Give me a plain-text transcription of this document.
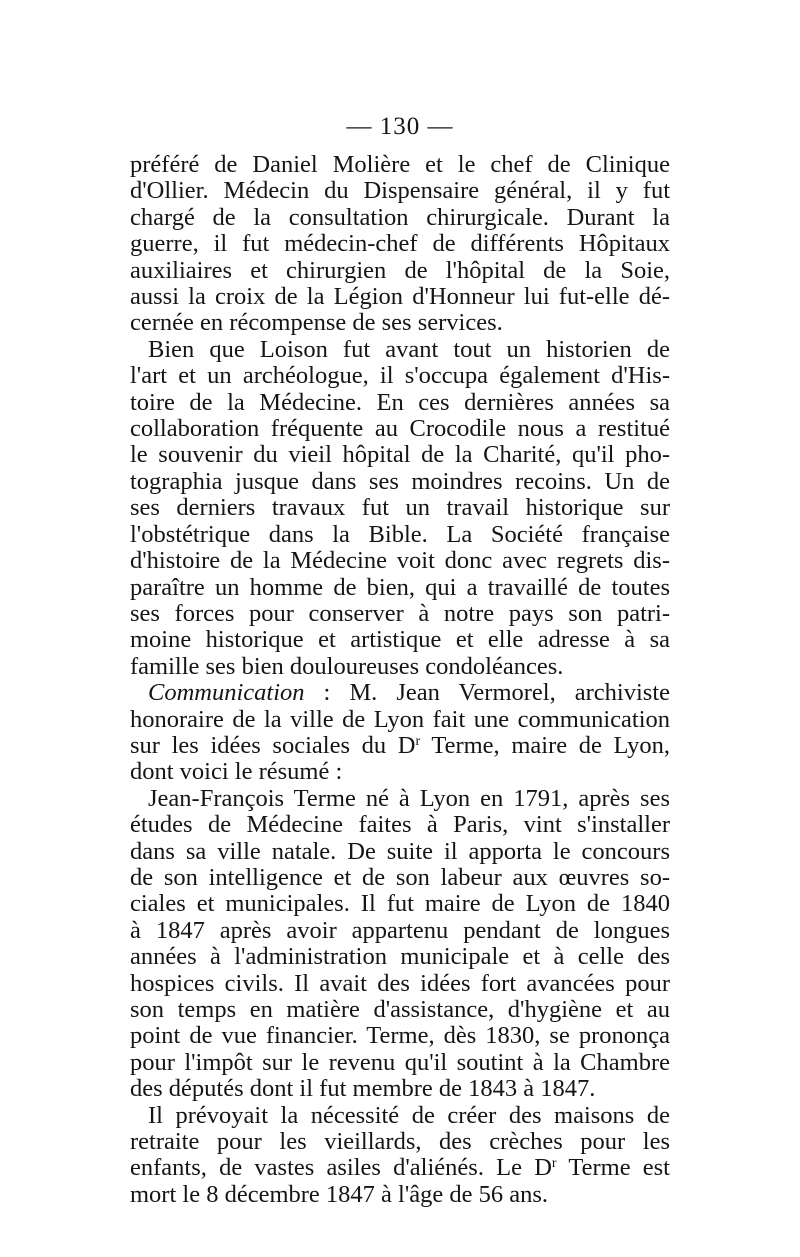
— 130 —
préféré de Daniel Molière et le chef de Clinique
d'Ollier. Médecin du Dispensaire général, il y fut
chargé de la consultation chirurgicale. Durant la
guerre, il fut médecin-chef de différents Hôpitaux
auxiliaires et chirurgien de l'hôpital de la Soie,
aussi la croix de la Légion d'Honneur lui fut-elle dé-
cernée en récompense de ses services.
Bien que Loison fut avant tout un historien de
l'art et un archéologue, il s'occupa également d'His-
toire de la Médecine. En ces dernières années sa
collaboration fréquente au Crocodile nous a restitué
le souvenir du vieil hôpital de la Charité, qu'il pho-
tographia jusque dans ses moindres recoins. Un de
ses derniers travaux fut un travail historique sur
l'obstétrique dans la Bible. La Société française
d'histoire de la Médecine voit donc avec regrets dis-
paraître un homme de bien, qui a travaillé de toutes
ses forces pour conserver à notre pays son patri-
moine historique et artistique et elle adresse à sa
famille ses bien douloureuses condoléances.
Communication : M. Jean Vermorel, archiviste
honoraire de la ville de Lyon fait une communication
sur les idées sociales du $D^r$ Terme, maire de Lyon,
dont voici le résumé :
Jean-François Terme né à Lyon en 1791, après ses
études de Médecine faites à Paris, vint s'installer
dans sa ville natale. De suite il apporta le concours
de son intelligence et de son labeur aux œuvres so-
ciales et municipales. Il fut maire de Lyon de 1840
à 1847 après avoir appartenu pendant de longues
années à l'administration municipale et à celle des
hospices civils. Il avait des idées fort avancées pour
son temps en matière d'assistance, d'hygiène et au
point de vue financier. Terme, dès 1830, se prononça
pour l'impôt sur le revenu qu'il soutint à la Chambre
des députés dont il fut membre de 1843 à 1847.
Il prévoyait la nécessité de créer des maisons de
retraite pour les vieillards, des crèches pour les
enfants, de vastes asiles d'aliénés. Le $D^r$ Terme est
mort le 8 décembre 1847 à l'âge de 56 ans.
